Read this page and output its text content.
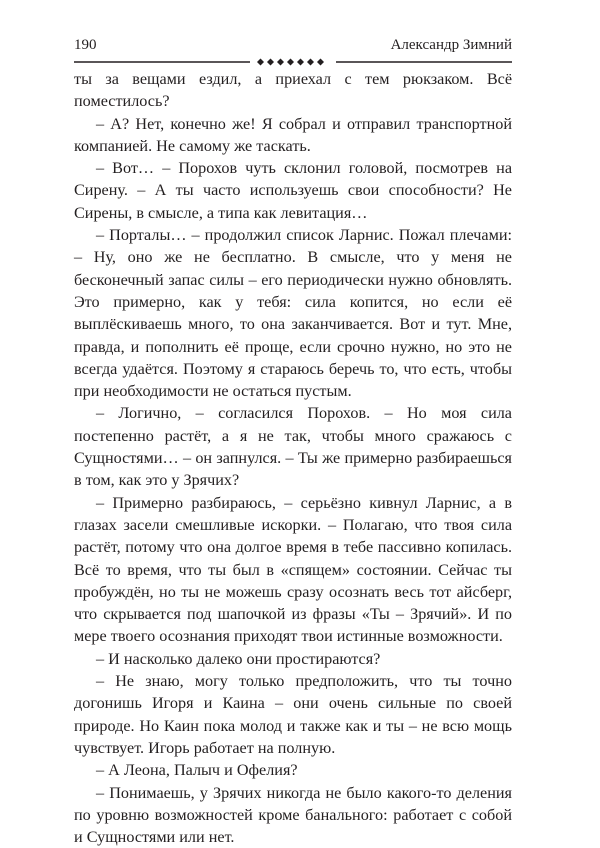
190	Александр Зимний

ты за вещами ездил, а приехал с тем рюкзаком. Всё поместилось?

– А? Нет, конечно же! Я собрал и отправил транспортной компанией. Не самому же таскать.

– Вот… – Порохов чуть склонил головой, посмотрев на Сирену. – А ты часто используешь свои способности? Не Сирены, в смысле, а типа как левитация…

– Порталы… – продолжил список Ларнис. Пожал плечами: – Ну, оно же не бесплатно. В смысле, что у меня не бесконечный запас силы – его периодически нужно обновлять. Это примерно, как у тебя: сила копится, но если её выплёскиваешь много, то она заканчивается. Вот и тут. Мне, правда, и пополнить её проще, если срочно нужно, но это не всегда удаётся. Поэтому я стараюсь беречь то, что есть, чтобы при необходимости не остаться пустым.

– Логично, – согласился Порохов. – Но моя сила постепенно растёт, а я не так, чтобы много сражаюсь с Сущностями… – он запнулся. – Ты же примерно разбираешься в том, как это у Зрячих?

– Примерно разбираюсь, – серьёзно кивнул Ларнис, а в глазах засели смешливые искорки. – Полагаю, что твоя сила растёт, потому что она долгое время в тебе пассивно копилась. Всё то время, что ты был в «спящем» состоянии. Сейчас ты пробуждён, но ты не можешь сразу осознать весь тот айсберг, что скрывается под шапочкой из фразы «Ты – Зрячий». И по мере твоего осознания приходят твои истинные возможности.

– И насколько далеко они простираются?

– Не знаю, могу только предположить, что ты точно догонишь Игоря и Каина – они очень сильные по своей природе. Но Каин пока молод и также как и ты – не всю мощь чувствует. Игорь работает на полную.

– А Леона, Палыч и Офелия?

– Понимаешь, у Зрячих никогда не было какого-то деления по уровню возможностей кроме банального: работает с собой и Сущностями или нет.
